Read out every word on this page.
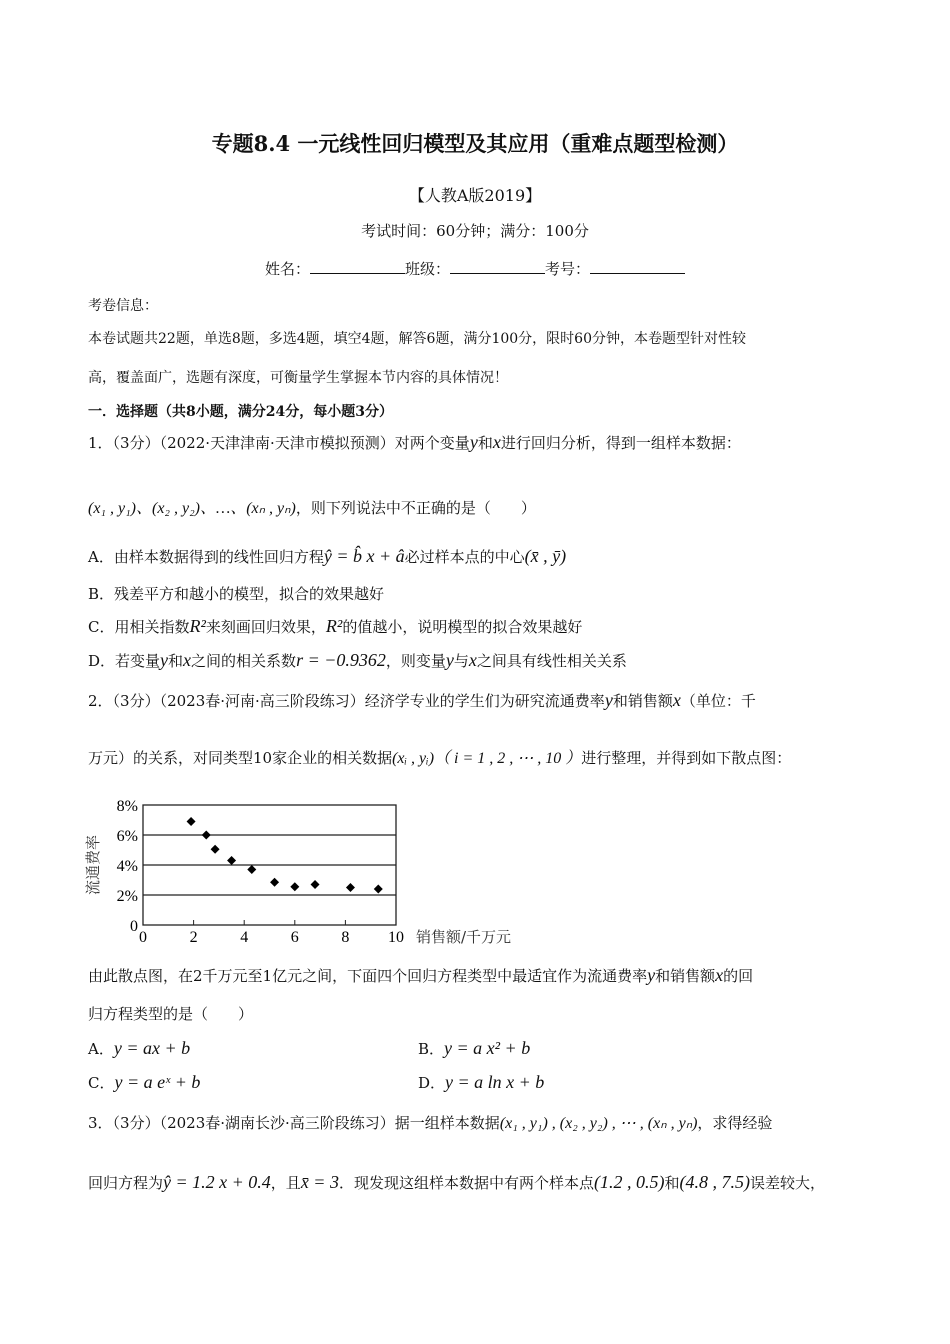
专题8.4 一元线性回归模型及其应用（重难点题型检测）
【人教A版2019】
考试时间：60分钟；满分：100分
姓名：	班级：	考号：
考卷信息：
本卷试题共22题，单选8题，多选4题，填空4题，解答6题，满分100分，限时60分钟，本卷题型针对性较
高，覆盖面广，选题有深度，可衡量学生掌握本节内容的具体情况！
一．选择题（共8小题，满分24分，每小题3分）
1．（3分）（2022·天津津南·天津市模拟预测）对两个变量y和x进行回归分析，得到一组样本数据：
(x₁ , y₁)、(x₂ , y₂)、…、(xₙ , yₙ)，则下列说法中不正确的是（　　）
A．由样本数据得到的线性回归方程ŷ = b̂ x + â必过样本点的中心(x̄ , ȳ)
B．残差平方和越小的模型，拟合的效果越好
C．用相关指数R²来刻画回归效果，R²的值越小，说明模型的拟合效果越好
D．若变量y和x之间的相关系数r = −0.9362，则变量y与x之间具有线性相关关系
2．（3分）（2023春·河南·高三阶段练习）经济学专业的学生们为研究流通费率y和销售额x（单位：千
万元）的关系，对同类型10家企业的相关数据(xᵢ , yᵢ)（ i = 1 , 2 , ⋯ , 10 ）进行整理，并得到如下散点图：
0
2%
4%
6%
8%
0	2	4	6	8 10 销售额/千万元
流通费率
由此散点图，在2千万元至1亿元之间，下面四个回归方程类型中最适宜作为流通费率y和销售额x的回
归方程类型的是（　　）
A．y = ax + b	B．y = a x² + b
C．y = a eˣ + b	D．y = a ln x + b
3．（3分）（2023春·湖南长沙·高三阶段练习）据一组样本数据(x₁ , y₁) , (x₂ , y₂) , ⋯ , (xₙ , yₙ)，求得经验
回归方程为ŷ = 1.2 x + 0.4，且x̄ = 3．现发现这组样本数据中有两个样本点(1.2 , 0.5)和(4.8 , 7.5)误差较大，
